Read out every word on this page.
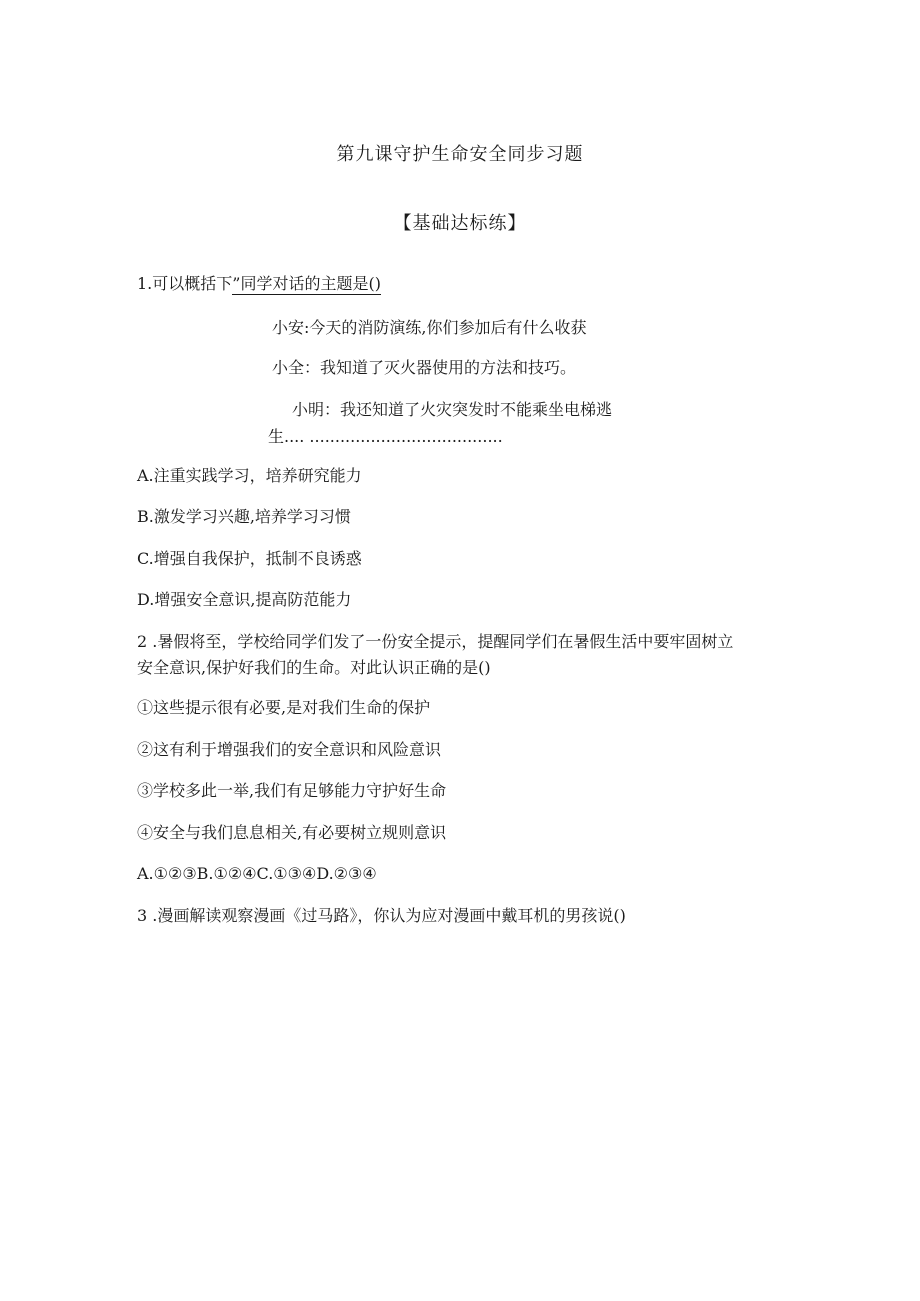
第九课守护生命安全同步习题
【基础达标练】
1.可以概括下”同学对话的主题是()
小安:今天的消防演练,你们参加后有什么收获
小全：我知道了灭火器使用的方法和技巧。
小明：我还知道了火灾突发时不能乘坐电梯逃
生.... ......................................
A.注重实践学习，培养研究能力
B.激发学习兴趣,培养学习习惯
C.增强自我保护，抵制不良诱惑
D.增强安全意识,提高防范能力
2 .暑假将至，学校给同学们发了一份安全提示，提醒同学们在暑假生活中要牢固树立
安全意识,保护好我们的生命。对此认识正确的是()
①这些提示很有必要,是对我们生命的保护
②这有利于增强我们的安全意识和风险意识
③学校多此一举,我们有足够能力守护好生命
④安全与我们息息相关,有必要树立规则意识
A.①②③B.①②④C.①③④D.②③④
3 .漫画解读观察漫画《过马路》，你认为应对漫画中戴耳机的男孩说()
